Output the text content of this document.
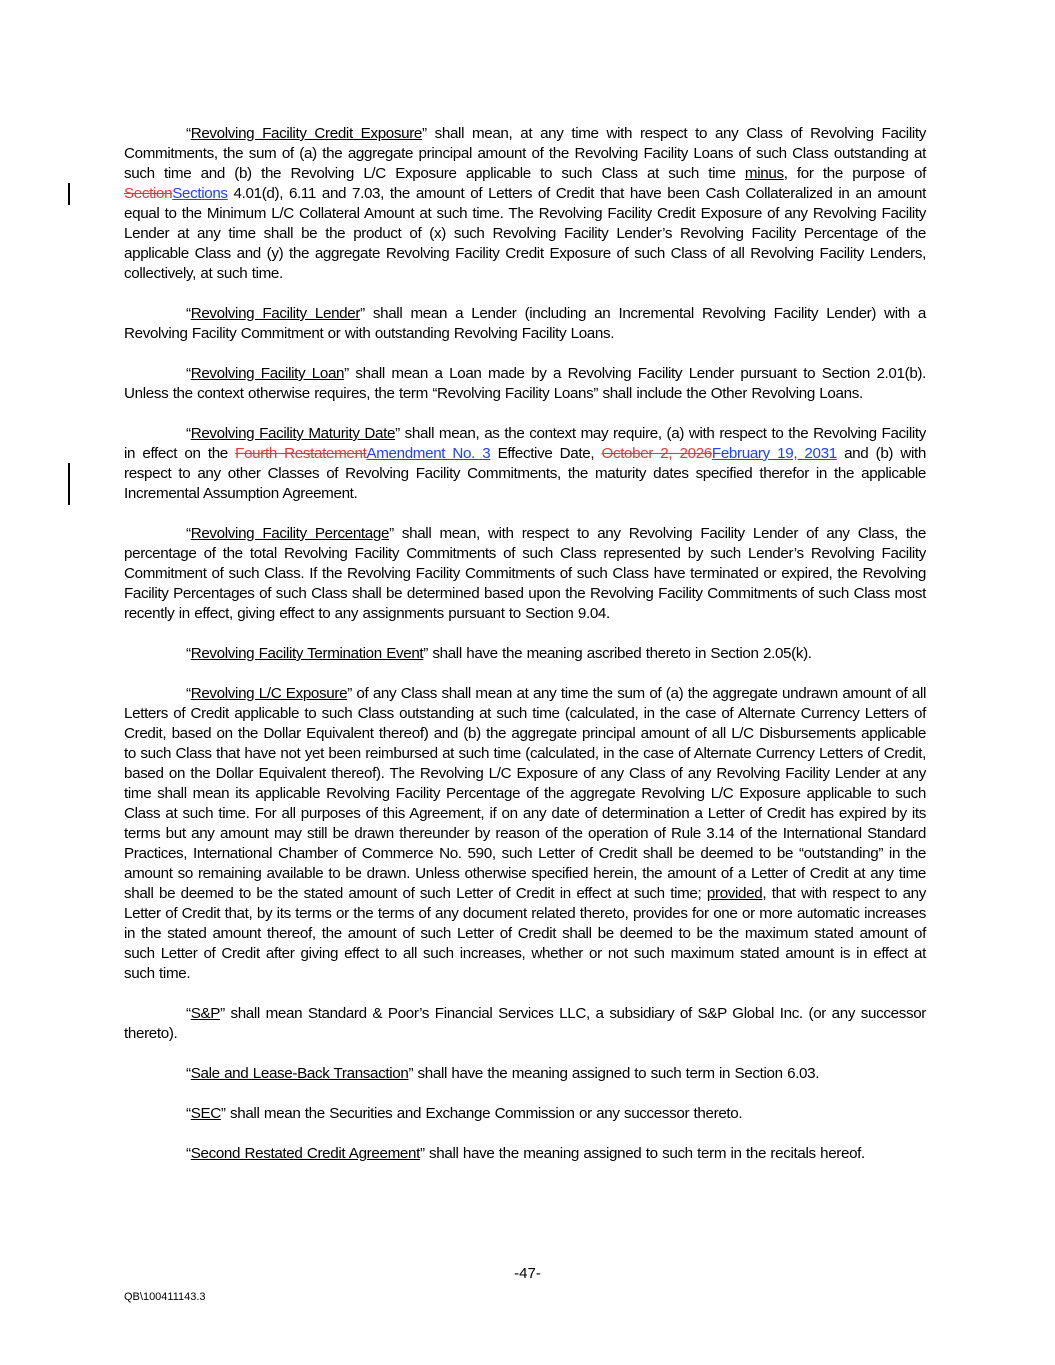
“Revolving Facility Credit Exposure” shall mean, at any time with respect to any Class of Revolving Facility Commitments, the sum of (a) the aggregate principal amount of the Revolving Facility Loans of such Class outstanding at such time and (b) the Revolving L/C Exposure applicable to such Class at such time minus, for the purpose of SectionSections 4.01(d), 6.11 and 7.03, the amount of Letters of Credit that have been Cash Collateralized in an amount equal to the Minimum L/C Collateral Amount at such time. The Revolving Facility Credit Exposure of any Revolving Facility Lender at any time shall be the product of (x) such Revolving Facility Lender’s Revolving Facility Percentage of the applicable Class and (y) the aggregate Revolving Facility Credit Exposure of such Class of all Revolving Facility Lenders, collectively, at such time.

“Revolving Facility Lender” shall mean a Lender (including an Incremental Revolving Facility Lender) with a Revolving Facility Commitment or with outstanding Revolving Facility Loans.

“Revolving Facility Loan” shall mean a Loan made by a Revolving Facility Lender pursuant to Section 2.01(b). Unless the context otherwise requires, the term “Revolving Facility Loans” shall include the Other Revolving Loans.

“Revolving Facility Maturity Date” shall mean, as the context may require, (a) with respect to the Revolving Facility in effect on the Fourth RestatementAmendment No. 3 Effective Date, October 2, 2026February 19, 2031 and (b) with respect to any other Classes of Revolving Facility Commitments, the maturity dates specified therefor in the applicable Incremental Assumption Agreement.

“Revolving Facility Percentage” shall mean, with respect to any Revolving Facility Lender of any Class, the percentage of the total Revolving Facility Commitments of such Class represented by such Lender’s Revolving Facility Commitment of such Class. If the Revolving Facility Commitments of such Class have terminated or expired, the Revolving Facility Percentages of such Class shall be determined based upon the Revolving Facility Commitments of such Class most recently in effect, giving effect to any assignments pursuant to Section 9.04.

“Revolving Facility Termination Event” shall have the meaning ascribed thereto in Section 2.05(k).

“Revolving L/C Exposure” of any Class shall mean at any time the sum of (a) the aggregate undrawn amount of all Letters of Credit applicable to such Class outstanding at such time (calculated, in the case of Alternate Currency Letters of Credit, based on the Dollar Equivalent thereof) and (b) the aggregate principal amount of all L/C Disbursements applicable to such Class that have not yet been reimbursed at such time (calculated, in the case of Alternate Currency Letters of Credit, based on the Dollar Equivalent thereof). The Revolving L/C Exposure of any Class of any Revolving Facility Lender at any time shall mean its applicable Revolving Facility Percentage of the aggregate Revolving L/C Exposure applicable to such Class at such time. For all purposes of this Agreement, if on any date of determination a Letter of Credit has expired by its terms but any amount may still be drawn thereunder by reason of the operation of Rule 3.14 of the International Standard Practices, International Chamber of Commerce No. 590, such Letter of Credit shall be deemed to be “outstanding” in the amount so remaining available to be drawn. Unless otherwise specified herein, the amount of a Letter of Credit at any time shall be deemed to be the stated amount of such Letter of Credit in effect at such time; provided, that with respect to any Letter of Credit that, by its terms or the terms of any document related thereto, provides for one or more automatic increases in the stated amount thereof, the amount of such Letter of Credit shall be deemed to be the maximum stated amount of such Letter of Credit after giving effect to all such increases, whether or not such maximum stated amount is in effect at such time.

“S&P” shall mean Standard & Poor’s Financial Services LLC, a subsidiary of S&P Global Inc. (or any successor thereto).

“Sale and Lease-Back Transaction” shall have the meaning assigned to such term in Section 6.03.

“SEC” shall mean the Securities and Exchange Commission or any successor thereto.

“Second Restated Credit Agreement” shall have the meaning assigned to such term in the recitals hereof.

-47-
QB\100411143.3
